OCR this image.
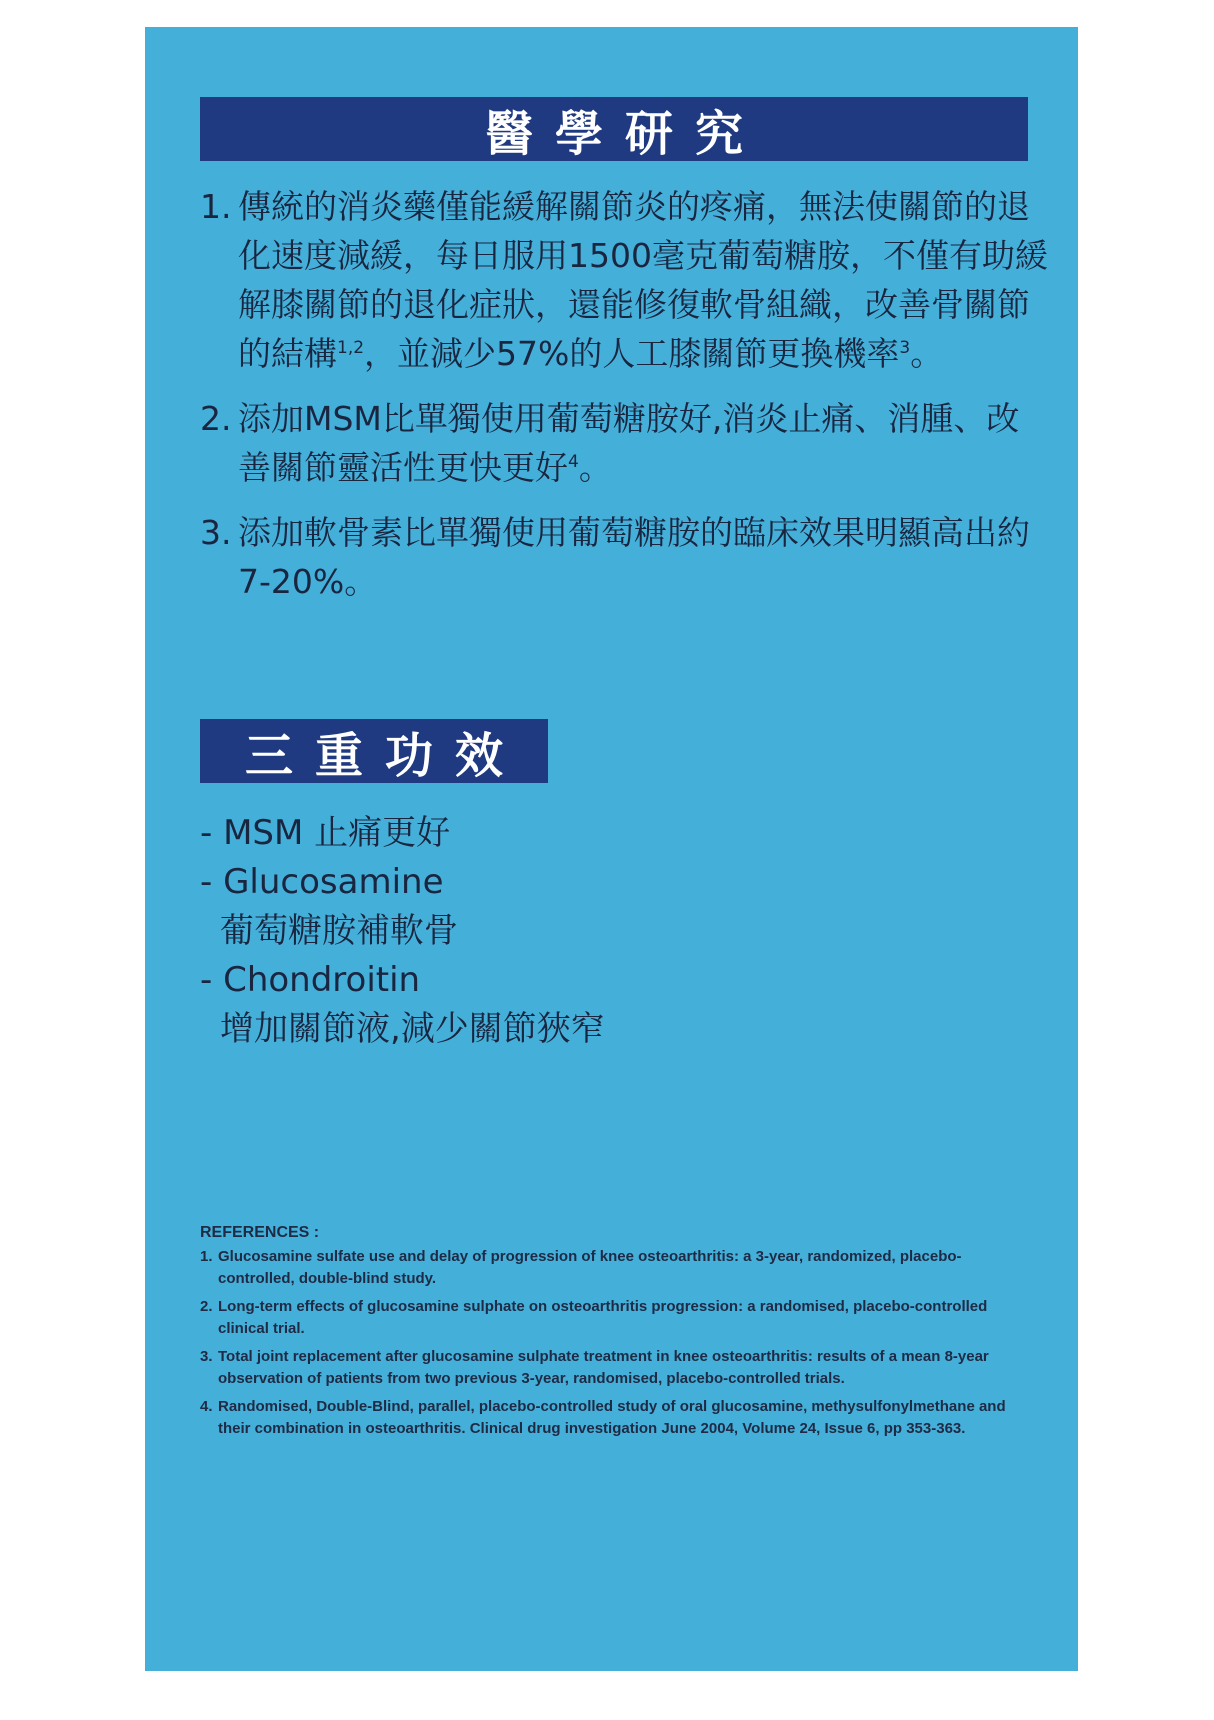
醫學研究
1. 傳統的消炎藥僅能緩解關節炎的疼痛，無法使關節的退化速度減緩，每日服用1500毫克葡萄糖胺，不僅有助緩解膝關節的退化症狀，還能修復軟骨組織，改善骨關節的結構$^{1,2}$，並減少57%的人工膝關節更換機率$^3$。
2. 添加MSM比單獨使用葡萄糖胺好,消炎止痛、消腫、改善關節靈活性更快更好$^4$。
3. 添加軟骨素比單獨使用葡萄糖胺的臨床效果明顯高出約7-20%。
三重功效
- MSM 止痛更好
- Glucosamine
葡萄糖胺補軟骨
- Chondroitin
增加關節液,減少關節狹窄
REFERENCES :
1. Glucosamine sulfate use and delay of progression of knee osteoarthritis: a 3-year, randomized, placebo-controlled, double-blind study.
2. Long-term effects of glucosamine sulphate on osteoarthritis progression: a randomised, placebo-controlled clinical trial.
3. Total joint replacement after glucosamine sulphate treatment in knee osteoarthritis: results of a mean 8-year observation of patients from two previous 3-year, randomised, placebo-controlled trials.
4. Randomised, Double-Blind, parallel, placebo-controlled study of oral glucosamine, methysulfonylmethane and their combination in osteoarthritis. Clinical drug investigation June 2004, Volume 24, Issue 6, pp 353-363.
